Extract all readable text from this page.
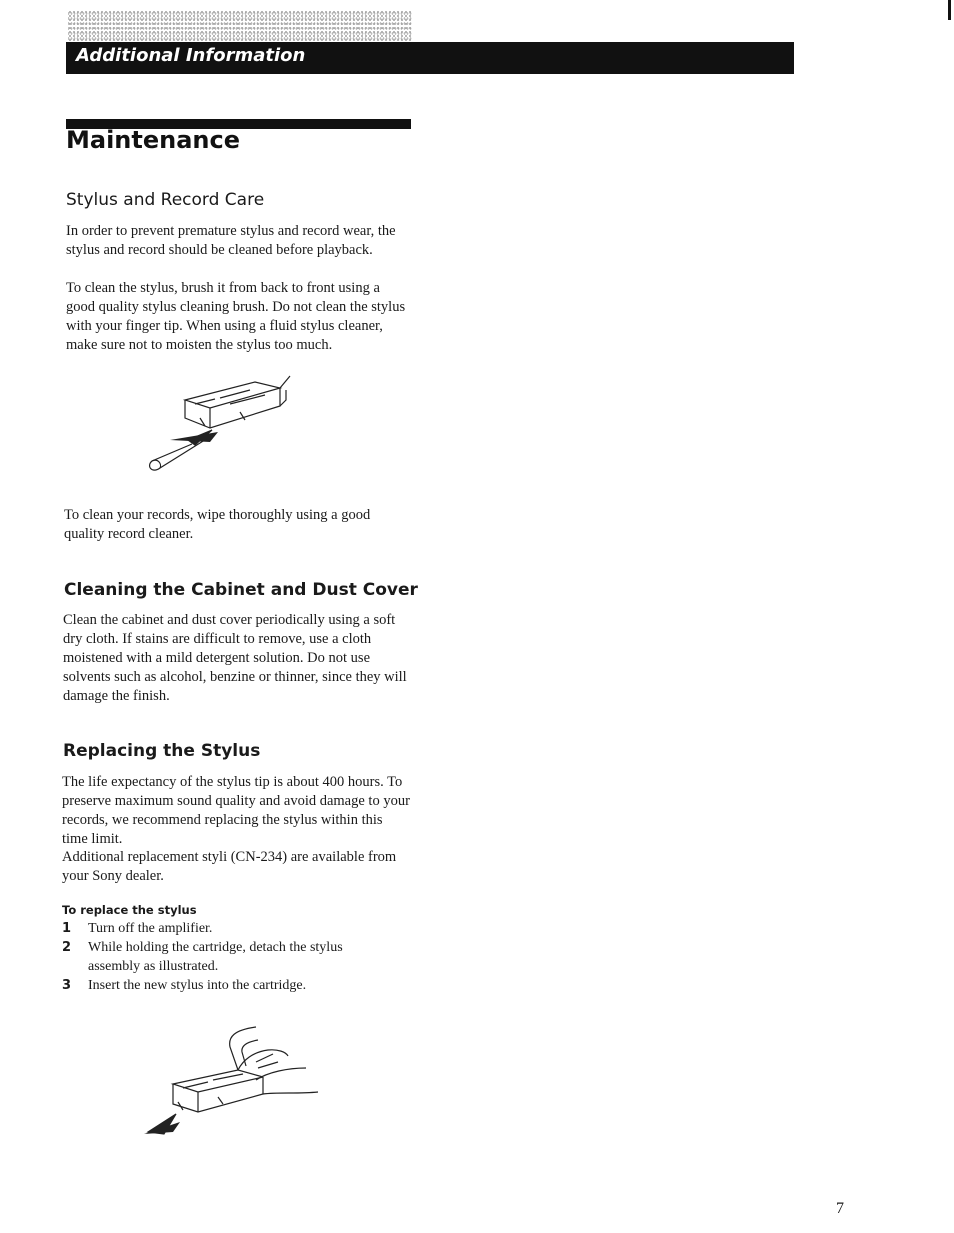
Additional Information
Maintenance
Stylus and Record Care

In order to prevent premature stylus and record wear, the stylus and record should be cleaned before playback.

To clean the stylus, brush it from back to front using a good quality stylus cleaning brush. Do not clean the stylus with your finger tip. When using a fluid stylus cleaner, make sure not to moisten the stylus too much.

To clean your records, wipe thoroughly using a good quality record cleaner.

Cleaning the Cabinet and Dust Cover

Clean the cabinet and dust cover periodically using a soft dry cloth. If stains are difficult to remove, use a cloth moistened with a mild detergent solution. Do not use solvents such as alcohol, benzine or thinner, since they will damage the finish.

Replacing the Stylus

The life expectancy of the stylus tip is about 400 hours. To preserve maximum sound quality and avoid damage to your records, we recommend replacing the stylus within this time limit.

Additional replacement styli (CN-234) are available from your Sony dealer.

To replace the stylus
1 Turn off the amplifier.
2 While holding the cartridge, detach the stylus assembly as illustrated.
3 Insert the new stylus into the cartridge.
7
